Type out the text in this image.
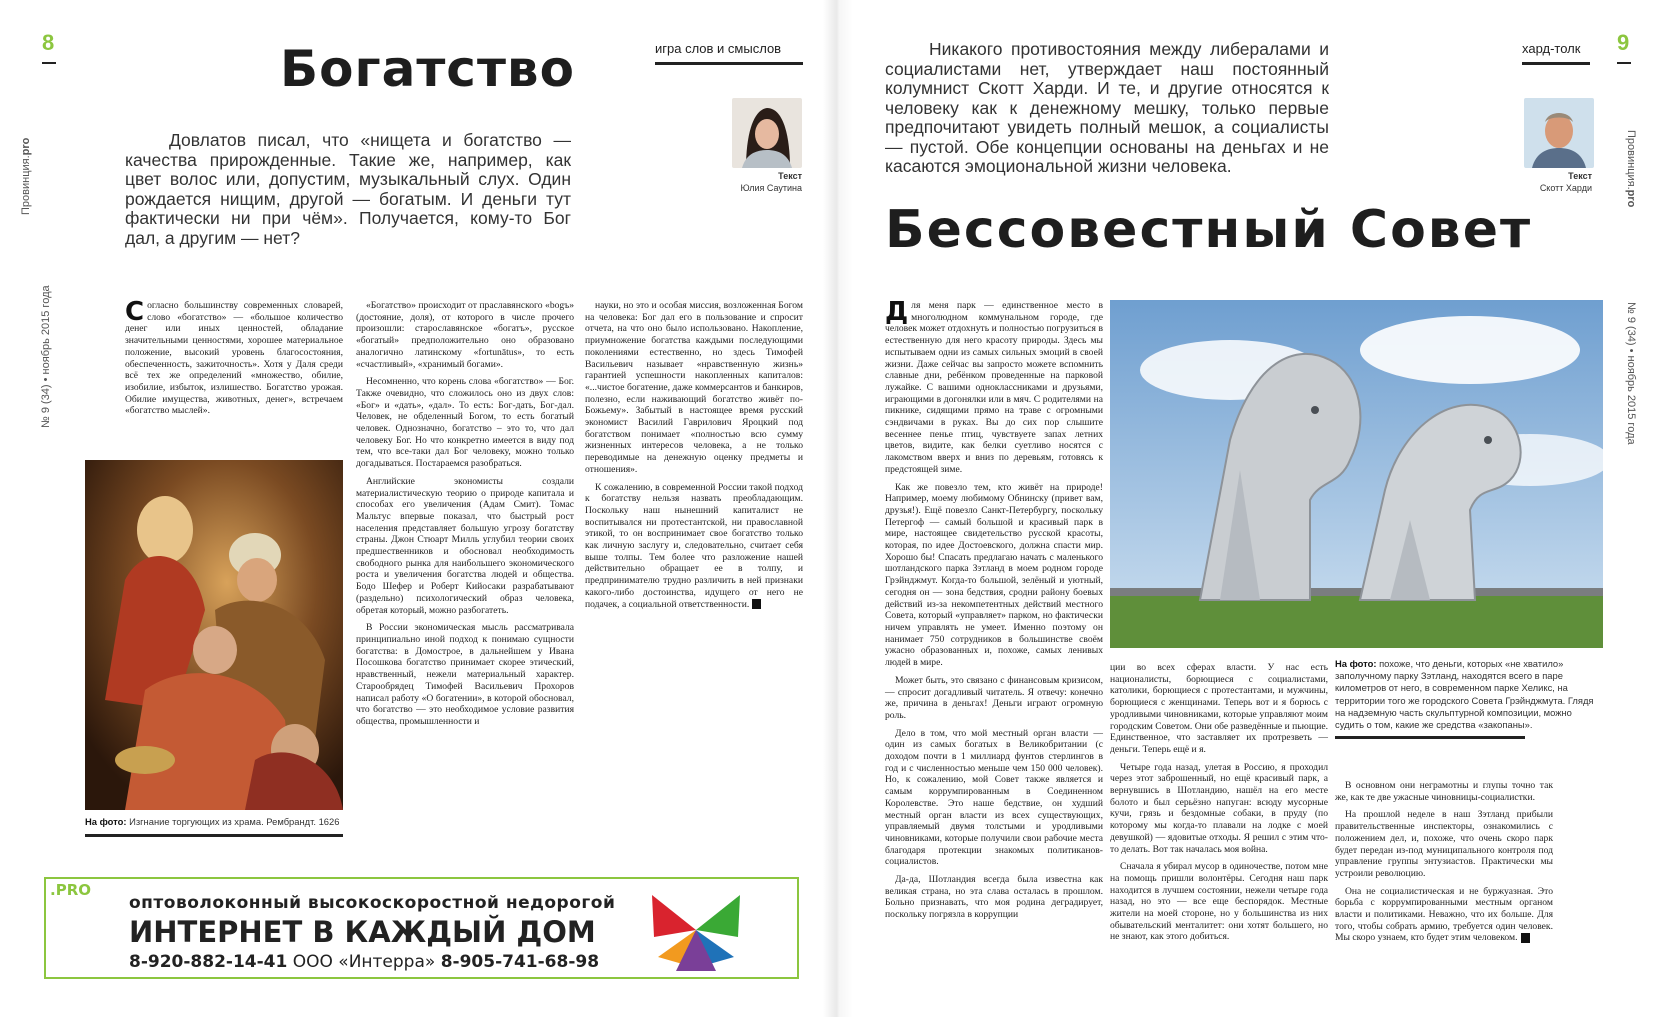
8
Провинция.pro
№ 9 (34) • ноябрь 2015 года
игра слов и смыслов
Богатство
Довлатов писал, что «нищета и богатство — качества прирожденные. Такие же, например, как цвет волос или, допустим, музыкальный слух. Один рождается нищим, другой — богатым. И деньги тут фактически ни при чём». Получается, кому-то Бог дал, а другим — нет?
Текст
Юлия Саутина

Согласно большинству современных словарей, слово «богатство» — «большое количество денег или иных ценностей, обладание значительными ценностями, хорошее материальное положение, высокий уровень благосостояния, обеспеченность, зажиточность». Хотя у Даля среди всё тех же определений «множество, обилие, изобилие, избыток, излишество. Богатство урожая. Обилие имущества, животных, денег», встречаем «богатство мыслей».

На фото: Изгнание торгующих из храма. Рембрандт. 1626

«Богатство» происходит от праславянского «bogъ» (достояние, доля), от которого в числе прочего произошли: старославянское «богатъ», русское «богатый» предположительно оно образовано аналогично латинскому «fortunātus», то есть «счастливый», «хранимый богами».

Несомненно, что корень слова «богатство» — Бог. Также очевидно, что сложилось оно из двух слов: «Бог» и «дать», «дал». То есть: Бог-дать, Бог-дал. Человек, не обделенный Богом, то есть богатый человек. Однозначно, богатство – это то, что дал человеку Бог. Но что конкретно имеется в виду под тем, что все-таки дал Бог человеку, можно только догадываться. Постараемся разобраться.

Английские экономисты создали материалистическую теорию о природе капитала и способах его увеличения (Адам Смит). Томас Мальтус впервые показал, что быстрый рост населения представляет большую угрозу богатству страны. Джон Стюарт Милль углубил теории своих предшественников и обосновал необходимость свободного рынка для наибольшего экономического роста и увеличения богатства людей и общества. Бодо Шефер и Роберт Кийосаки разрабатывают (раздельно) психологический образ человека, обретая который, можно разбогатеть.

В России экономическая мысль рассматривала принципиально иной подход к понимаю сущности богатства: в Домострое, в дальнейшем у Ивана Посошкова богатство принимает скорее этический, нравственный, нежели материальный характер. Старообрядец Тимофей Васильевич Прохоров написал работу «О богатении», в которой обосновал, что богатство — это необходимое условие развития общества, промышленности и

науки, но это и особая миссия, возложенная Богом на человека: Бог дал его в пользование и спросит отчета, на что оно было использовано. Накопление, приумножение богатства каждыми последующими поколениями естественно, но здесь Тимофей Васильевич называет «нравственную жизнь» гарантией успешности накопленных капиталов: «...чистое богатение, даже коммерсантов и банкиров, полезно, если наживающий богатство живёт по-Божьему». Забытый в настоящее время русский экономист Василий Гаврилович Яроцкий под богатством понимает «полностью всю сумму жизненных интересов человека, а не только переводимые на денежную оценку предметы и отношения».

К сожалению, в современной России такой подход к богатству нельзя назвать преобладающим. Поскольку наш нынешний капиталист не воспитывался ни протестантской, ни православной этикой, то он воспринимает свое богатство только как личную заслугу и, следовательно, считает себя выше толпы. Тем более что разложение нашей действительно обращает ее в толпу, и предпринимателю трудно различить в ней признаки какого-либо достоинства, идущего от него не подачек, а социальной ответственности. P

.PRO
оптоволоконный высокоскоростной недорогой
ИНТЕРНЕТ В КАЖДЫЙ ДОМ
8-920-882-14-41 ООО «Интерра» 8-905-741-68-98
Никакого противостояния между либералами и социалистами нет, утверждает наш постоянный колумнист Скотт Харди. И те, и другие относятся к человеку как к денежному мешку, только первые предпочитают увидеть полный мешок, а социалисты — пустой. Обе концепции основаны на деньгах и не касаются эмоциональной жизни человека.
хард-толк 9
Провинция.pro
№ 9 (34) • ноябрь 2015 года
Текст
Скотт Харди
Бессовестный Совет

Для меня парк — единственное место в многолюдном коммунальном городе, где человек может отдохнуть и полностью погрузиться в естественную для него красоту природы. Здесь мы испытываем одни из самых сильных эмоций в своей жизни. Даже сейчас вы запросто можете вспомнить славные дни, ребёнком проведенные на парковой лужайке. С вашими одноклассниками и друзьями, играющими в догонялки или в мяч. С родителями на пикнике, сидящими прямо на траве с огромными сэндвичами в руках. Вы до сих пор слышите весеннее пенье птиц, чувствуете запах летних цветов, видите, как белки суетливо носятся с лакомством вверх и вниз по деревьям, готовясь к предстоящей зиме.

Как же повезло тем, кто живёт на природе! Например, моему любимому Обнинску (привет вам, друзья!). Ещё повезло Санкт-Петербургу, поскольку Петергоф — самый большой и красивый парк в мире, настоящее свидетельство русской красоты, которая, по идее Достоевского, должна спасти мир. Хорошо бы! Спасать предлагаю начать с маленького шотландского парка Зэтланд в моем родном городе Грэйнджмут. Когда-то большой, зелёный и уютный, сегодня он — зона бедствия, сродни району боевых действий из-за некомпетентных действий местного Совета, который «управляет» парком, но фактически ничем управлять не умеет. Именно поэтому он нанимает 750 сотрудников в большинстве своём ужасно образованных и, похоже, самых ленивых людей в мире.

Может быть, это связано с финансовым кризисом, — спросит догадливый читатель. Я отвечу: конечно же, причина в деньгах! Деньги играют огромную роль.

Дело в том, что мой местный орган власти — один из самых богатых в Великобритании (с доходом почти в 1 миллиард фунтов стерлингов в год и с численностью меньше чем 150 000 человек). Но, к сожалению, мой Совет также является и самым коррумпированным в Соединенном Королевстве. Это наше бедствие, он худший местный орган власти из всех существующих, управляемый двумя толстыми и уродливыми чиновниками, которые получили свои рабочие места благодаря протекции знакомых политиканов-социалистов.

Да-да, Шотландия всегда была известна как великая страна, но эта слава осталась в прошлом. Больно признавать, что моя родина деградирует, поскольку погрязла в коррупции

ции во всех сферах власти. У нас есть националисты, борющиеся с социалистами, католики, борющиеся с протестантами, и мужчины, борющиеся с женщинами. Теперь вот и я борюсь с уродливыми чиновниками, которые управляют моим городским Советом. Они обе разведённые и пьющие. Единственное, что заставляет их протрезветь — деньги. Теперь ещё и я.

Четыре года назад, улетая в Россию, я проходил через этот заброшенный, но ещё красивый парк, а вернувшись в Шотландию, нашёл на его месте болото и был серьёзно напуган: всюду мусорные кучи, грязь и бездомные собаки, в пруду (по которому мы когда-то плавали на лодке с моей девушкой) — ядовитые отходы. Я решил с этим что-то делать. Вот так началась моя война.

Сначала я убирал мусор в одиночестве, потом мне на помощь пришли волонтёры. Сегодня наш парк находится в лучшем состоянии, нежели четыре года назад, но это — все еще беспорядок. Местные жители на моей стороне, но у большинства из них обывательский менталитет: они хотят большего, но не знают, как этого добиться.

На фото: похоже, что деньги, которых «не хватило» заполучному парку Зэтланд, находятся всего в паре километров от него, в современном парке Хеликс, на территории того же городского Совета Грэйнджмута. Глядя на надземную часть скульптурной композиции, можно судить о том, какие же средства «закопаны».

В основном они неграмотны и глупы точно так же, как те две ужасные чиновницы-социалистки.

На прошлой неделе в наш Зэтланд прибыли правительственные инспекторы, ознакомились с положением дел, и, похоже, что очень скоро парк будет передан из-под муниципального контроля под управление группы энтузиастов. Практически мы устроили революцию.

Она не социалистическая и не буржуазная. Это борьба с коррумпированными местным органом власти и политиками. Неважно, что их больше. Для того, чтобы собрать армию, требуется один человек. Мы скоро узнаем, кто будет этим человеком. P
